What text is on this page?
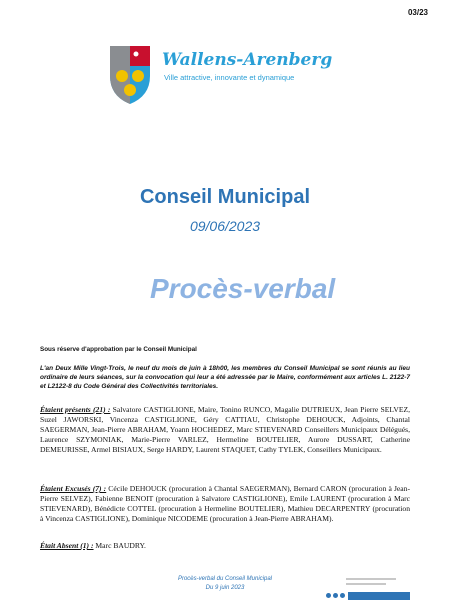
03/23
Wallens-Arenberg
Ville attractive, innovante et dynamique
Conseil Municipal
09/06/2023
Procès-verbal
Sous réserve d'approbation par le Conseil Municipal
L'an Deux Mille Vingt-Trois, le neuf du mois de juin à 18h00, les membres du Conseil Municipal se sont réunis au lieu ordinaire de leurs séances, sur la convocation qui leur a été adressée par le Maire, conformément aux articles L. 2122-7 et L2122-8 du Code Général des Collectivités territoriales.
Étaient présents (21) : Salvatore CASTIGLIONE, Maire, Tonino RUNCO, Magalie DUTRIEUX, Jean Pierre SELVEZ, Suzel JAWORSKI, Vincenza CASTIGLIONE, Géry CATTIAU, Christophe DEHOUCK, Adjoints, Chantal SAEGERMAN, Jean-Pierre ABRAHAM, Yoann HOCHEDEZ, Marc STIEVENARD Conseillers Municipaux Délégués, Laurence SZYMONIAK, Marie-Pierre VARLEZ, Hermeline BOUTELIER, Aurore DUSSART, Catherine DEMEURISSE, Armel BISIAUX, Serge HARDY, Laurent STAQUET, Cathy TYLEK, Conseillers Municipaux.
Étaient Excusés (7) : Cécile DEHOUCK (procuration à Chantal SAEGERMAN), Bernard CARON (procuration à Jean-Pierre SELVEZ), Fabienne BENOIT (procuration à Salvatore CASTIGLIONE), Emile LAURENT (procuration à Marc STIEVENARD), Bénédicte COTTEL (procuration à Hermeline BOUTELIER), Mathieu DECARPENTRY (procuration à Vincenza CASTIGLIONE), Dominique NICODEME (procuration à Jean-Pierre ABRAHAM).
Était Absent (1) : Marc BAUDRY.
Procès-verbal du Conseil Municipal
Du 9 juin 2023
